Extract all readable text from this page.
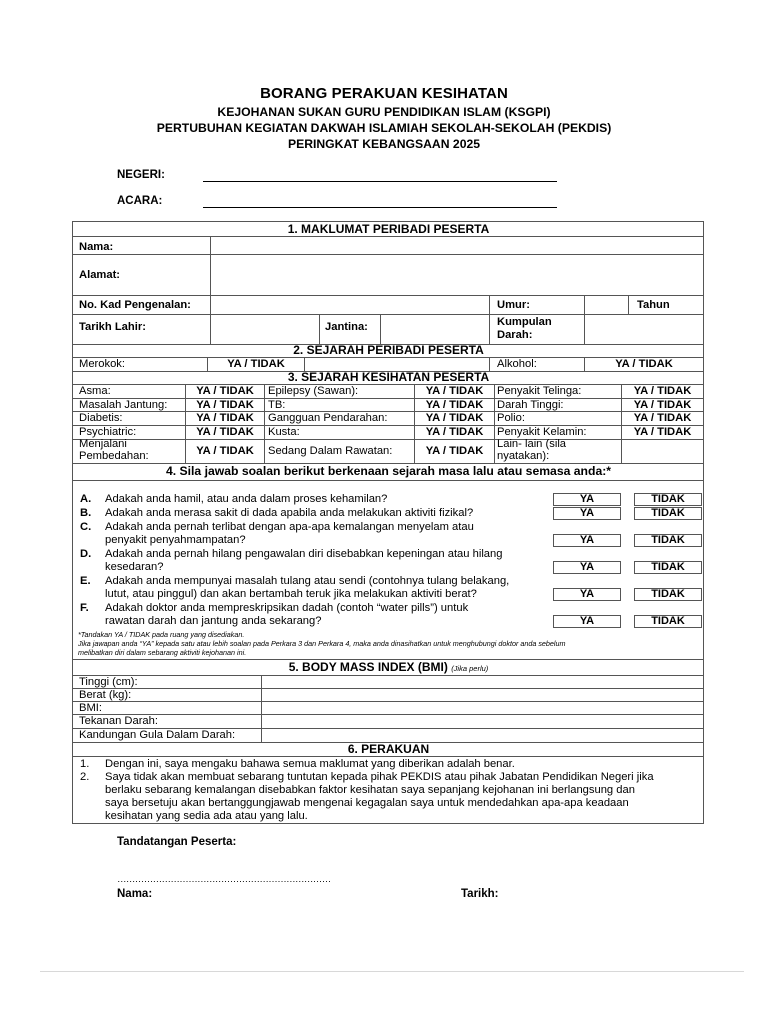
BORANG PERAKUAN KESIHATAN
KEJOHANAN SUKAN GURU PENDIDIKAN ISLAM (KSGPI)
PERTUBUHAN KEGIATAN DAKWAH ISLAMIAH SEKOLAH-SEKOLAH (PEKDIS)
PERINGKAT KEBANGSAAN 2025
NEGERI:
ACARA:
1. MAKLUMAT PERIBADI PESERTA
Nama:
Alamat:
No. Kad Pengenalan:	Umur:	Tahun
Tarikh Lahir:	Jantina:	Kumpulan
Darah:
2. SEJARAH PERIBADI PESERTA
Merokok:	YA / TIDAK	Alkohol:	YA / TIDAK
3. SEJARAH KESIHATAN PESERTA
Asma:	YA / TIDAK	Epilepsy (Sawan):	YA / TIDAK	Penyakit Telinga:	YA / TIDAK
Masalah Jantung:	YA / TIDAK	TB:	YA / TIDAK	Darah Tinggi:	YA / TIDAK
Diabetis:	YA / TIDAK	Gangguan Pendarahan:	YA / TIDAK	Polio:	YA / TIDAK
Psychiatric:	YA / TIDAK	Kusta:	YA / TIDAK	Penyakit Kelamin:	YA / TIDAK
Menjalani
Pembedahan:	YA / TIDAK	Sedang Dalam Rawatan:	YA / TIDAK
Lain- lain (sila
nyatakan):
4. Sila jawab soalan berikut berkenaan sejarah masa lalu atau semasa anda:*
A. Adakah anda hamil, atau anda dalam proses kehamilan?	YA	TIDAK
B. Adakah anda merasa sakit di dada apabila anda melakukan aktiviti fizikal?	YA	TIDAK
C. Adakah anda pernah terlibat dengan apa-apa kemalangan menyelam atau
penyakit penyahmampatan?	YA	TIDAK
D. Adakah anda pernah hilang pengawalan diri disebabkan kepeningan atau hilang
kesedaran?	YA	TIDAK
E. Adakah anda mempunyai masalah tulang atau sendi (contohnya tulang belakang,
lutut, atau pinggul) dan akan bertambah teruk jika melakukan aktiviti berat?	YA	TIDAK
F. Adakah doktor anda mempreskripsikan dadah (contoh “water pills”) untuk
rawatan darah dan jantung anda sekarang?	YA	TIDAK
*Tandakan YA / TIDAK pada ruang yang disediakan.
Jika jawapan anda “YA” kepada satu atau lebih soalan pada Perkara 3 dan Perkara 4, maka anda dinasihatkan untuk menghubungi doktor anda sebelum
melibatkan diri dalam sebarang aktiviti kejohanan ini.
5. BODY MASS INDEX (BMI) (Jika perlu)
Tinggi (cm):
Berat (kg):
BMI:
Tekanan Darah:
Kandungan Gula Dalam Darah:
6. PERAKUAN
1. Dengan ini, saya mengaku bahawa semua maklumat yang diberikan adalah benar.
2. Saya tidak akan membuat sebarang tuntutan kepada pihak PEKDIS atau pihak Jabatan Pendidikan Negeri jika
berlaku sebarang kemalangan disebabkan faktor kesihatan saya sepanjang kejohanan ini berlangsung dan
saya bersetuju akan bertanggungjawab mengenai kegagalan saya untuk mendedahkan apa-apa keadaan
kesihatan yang sedia ada atau yang lalu.
Tandatangan Peserta:
………………………………………………………………
Nama:	Tarikh:
